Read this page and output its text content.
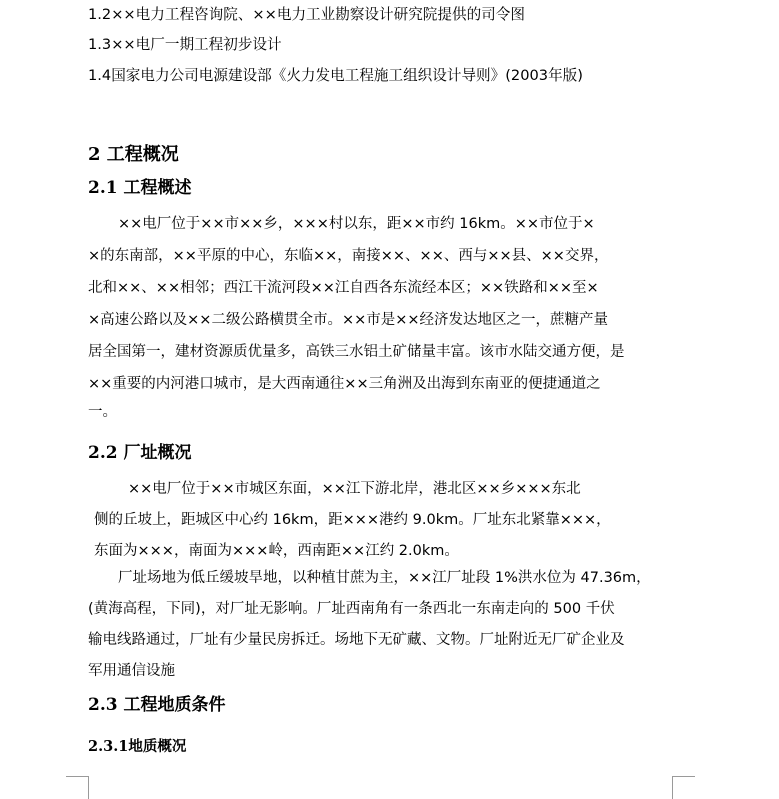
1.2××电力工程咨询院、××电力工业勘察设计研究院提供的司令图
1.3××电厂一期工程初步设计
1.4国家电力公司电源建设部《火力发电工程施工组织设计导则》(2003年版)
2 工程概况
2.1 工程概述
××电厂位于××市××乡，×××村以东，距××市约 16km。××市位于×
×的东南部，××平原的中心，东临××，南接××、××、西与××县、××交界，
北和××、××相邻；西江干流河段××江自西各东流经本区；××铁路和××至×
×高速公路以及××二级公路横贯全市。××市是××经济发达地区之一，蔗糖产量
居全国第一，建材资源质优量多，高铁三水铝土矿储量丰富。该市水陆交通方便，是
××重要的内河港口城市，是大西南通往××三角洲及出海到东南亚的便捷通道之
一。
2.2 厂址概况
××电厂位于××市城区东面，××江下游北岸，港北区××乡×××东北
侧的丘坡上，距城区中心约 16km，距×××港约 9.0km。厂址东北紧靠×××，
东面为×××，南面为×××岭，西南距××江约 2.0km。
厂址场地为低丘缓坡旱地，以种植甘蔗为主，××江厂址段 1%洪水位为 47.36m，
(黄海高程，下同)，对厂址无影响。厂址西南角有一条西北一东南走向的 500 千伏
输电线路通过，厂址有少量民房拆迁。场地下无矿藏、文物。厂址附近无厂矿企业及
军用通信设施
2.3 工程地质条件
2.3.1地质概况
